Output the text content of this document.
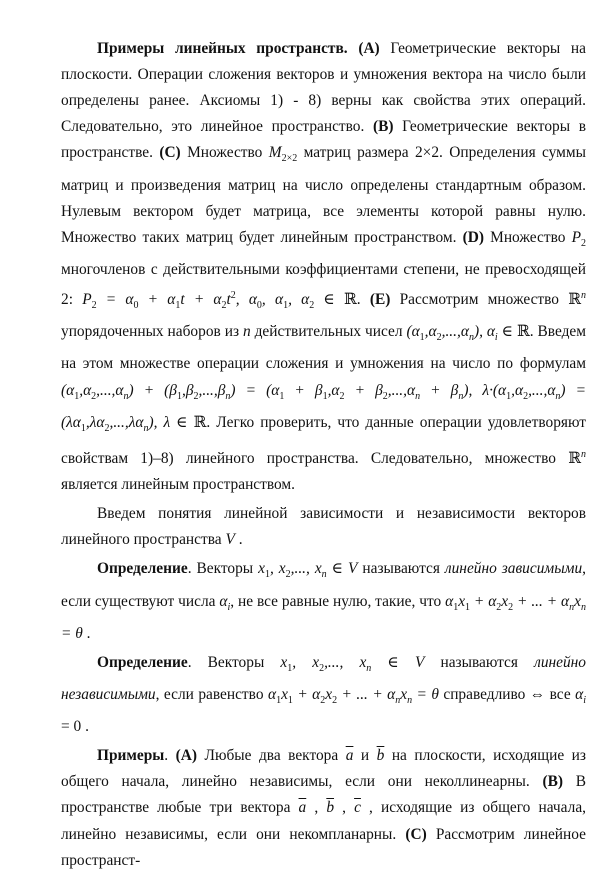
Примеры линейных пространств. (A) Геометрические векторы на плоскости. Операции сложения векторов и умножения вектора на число были определены ранее. Аксиомы 1) - 8) верны как свойства этих операций. Следовательно, это линейное пространство. (B) Геометрические векторы в пространстве. (C) Множество $M_{2\times 2}$ матриц размера 2×2. Определения суммы матриц и произведения матриц на число определены стандартным образом. Нулевым вектором будет матрица, все элементы которой равны нулю. Множество таких матриц будет линейным пространством. (D) Множество $P_2$ многочленов с действительными коэффициентами степени, не превосходящей 2: $P_2 = \alpha_0 + \alpha_1t + \alpha_2t^2$, $\alpha_0$, $\alpha_1$, $\alpha_2$ ∈ ℝ. (E) Рассмотрим множество ℝ$^n$ упорядоченных наборов из n действительных чисел $(\alpha_1,\alpha_2,...,\alpha_n)$, $\alpha_i$ ∈ ℝ. Введем на этом множестве операции сложения и умножения на число по формулам $(\alpha_1,\alpha_2,...,\alpha_n) + (\beta_1,\beta_2,...,\beta_n) = (\alpha_1 + \beta_1,\alpha_2 + \beta_2,...,\alpha_n + \beta_n)$, $\lambda\cdot(\alpha_1,\alpha_2,...,\alpha_n) = (\lambda\alpha_1,\lambda\alpha_2,...,\lambda\alpha_n)$, λ ∈ ℝ. Легко проверить, что данные операции удовлетворяют свойствам 1)–8) линейного пространства. Следовательно, множество ℝ$^n$ является линейным пространством.

Введем понятия линейной зависимости и независимости векторов линейного пространства V .

Определение. Векторы $x_1$, $x_2$,..., $x_n$ ∈ V называются линейно зависимыми, если существуют числа $\alpha_i$, не все равные нулю, такие, что $\alpha_1x_1 + \alpha_2x_2$ + ... + $\alpha_nx_n = \theta$ .

Определение. Векторы $x_1$, $x_2$,..., $x_n$ ∈ V называются линейно независимыми, если равенство $\alpha_1x_1 + \alpha_2x_2$ + ... + $\alpha_nx_n = \theta$ справедливо ⇔ все $\alpha_i = 0$ .

Примеры. (A) Любые два вектора $\overline{a}$ и $\overline{b}$ на плоскости, исходящие из общего начала, линейно независимы, если они неколлинеарны. (B) В пространстве любые три вектора $\overline{a}$ , $\overline{b}$ , $\overline{c}$ , исходящие из общего начала, линейно независимы, если они некомпланарны. (C) Рассмотрим линейное пространст-
